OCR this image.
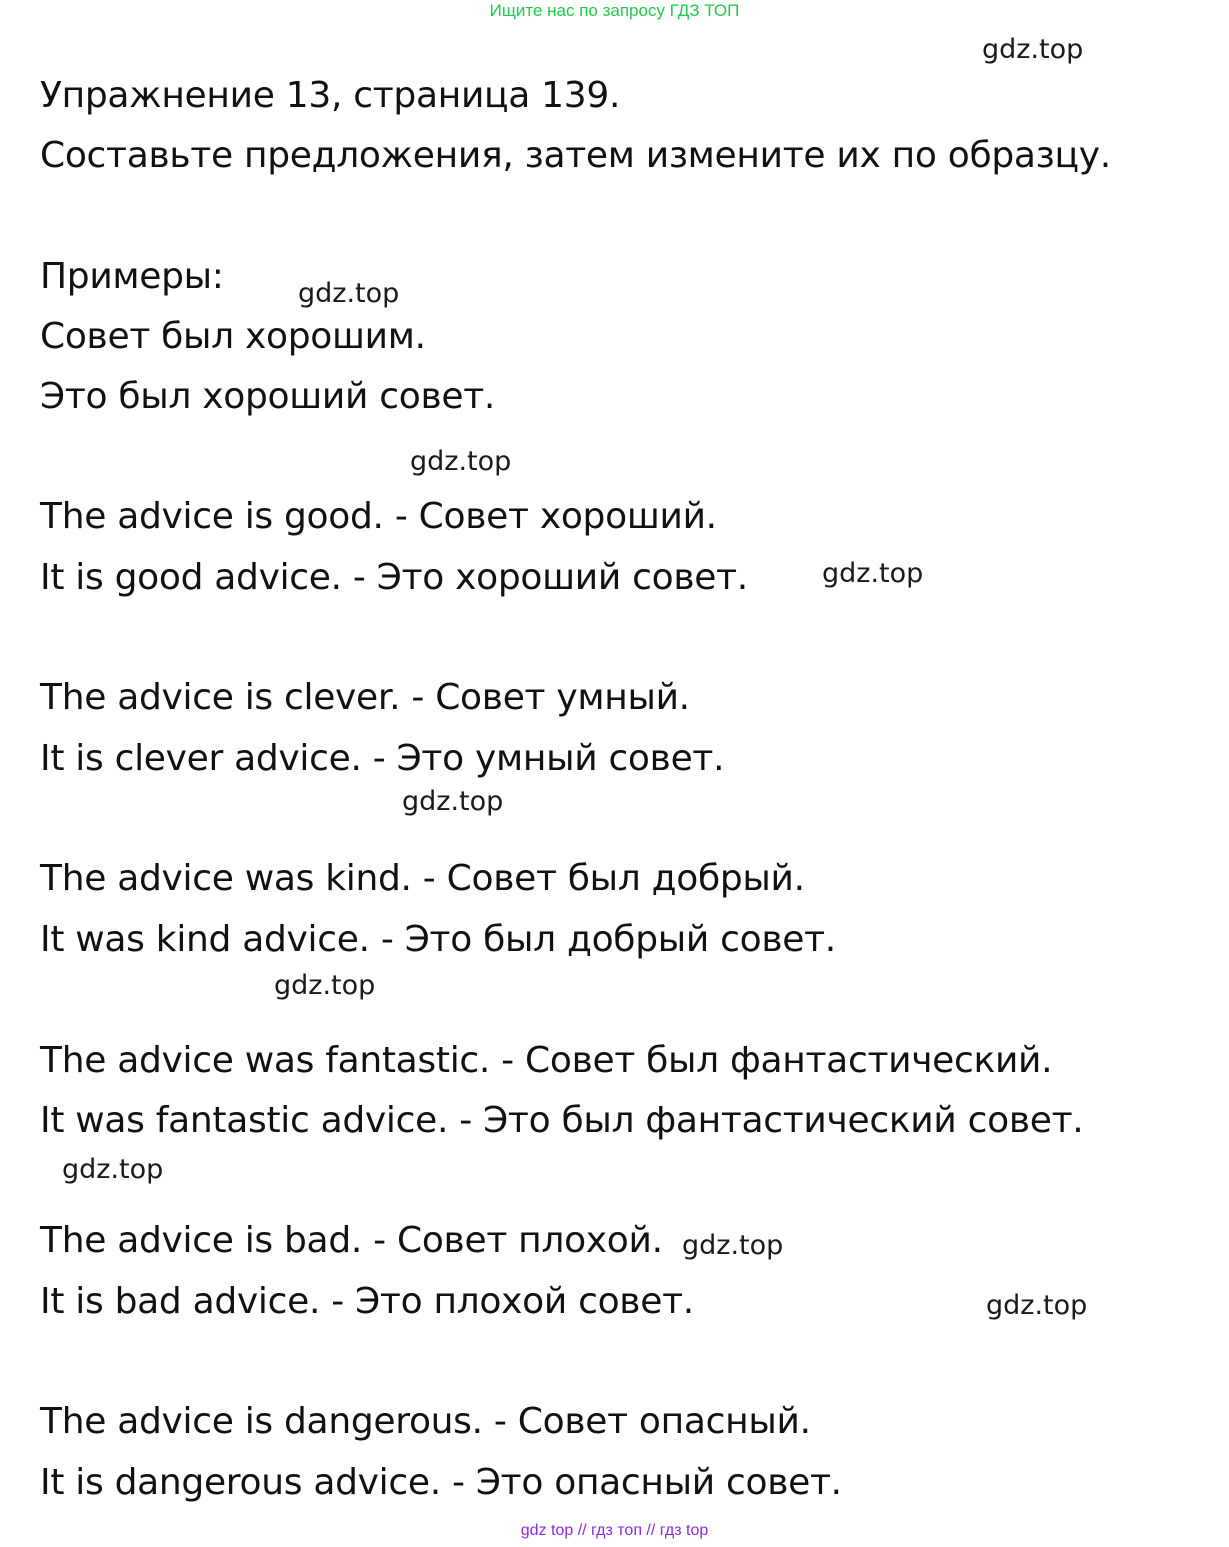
Ищите нас по запросу ГДЗ ТОП
gdz.top
Упражнение 13, страница 139.
Составьте предложения, затем измените их по образцу.
Примеры:	gdz.top
Совет был хорошим.
Это был хороший совет.
gdz.top
The advice is good. - Совет хороший.
It is good advice. - Это хороший совет.	gdz.top
The advice is clever. - Совет умный.
It is clever advice. - Это умный совет.
gdz.top
The advice was kind. - Совет был добрый.
It was kind advice. - Это был добрый совет.
gdz.top
The advice was fantastic. - Совет был фантастический.
It was fantastic advice. - Это был фантастический совет.
gdz.top
The advice is bad. - Совет плохой. gdz.top
It is bad advice. - Это плохой совет.	gdz.top
The advice is dangerous. - Совет опасный.
It is dangerous advice. - Это опасный совет.
gdz top // гдз топ // гдз top
